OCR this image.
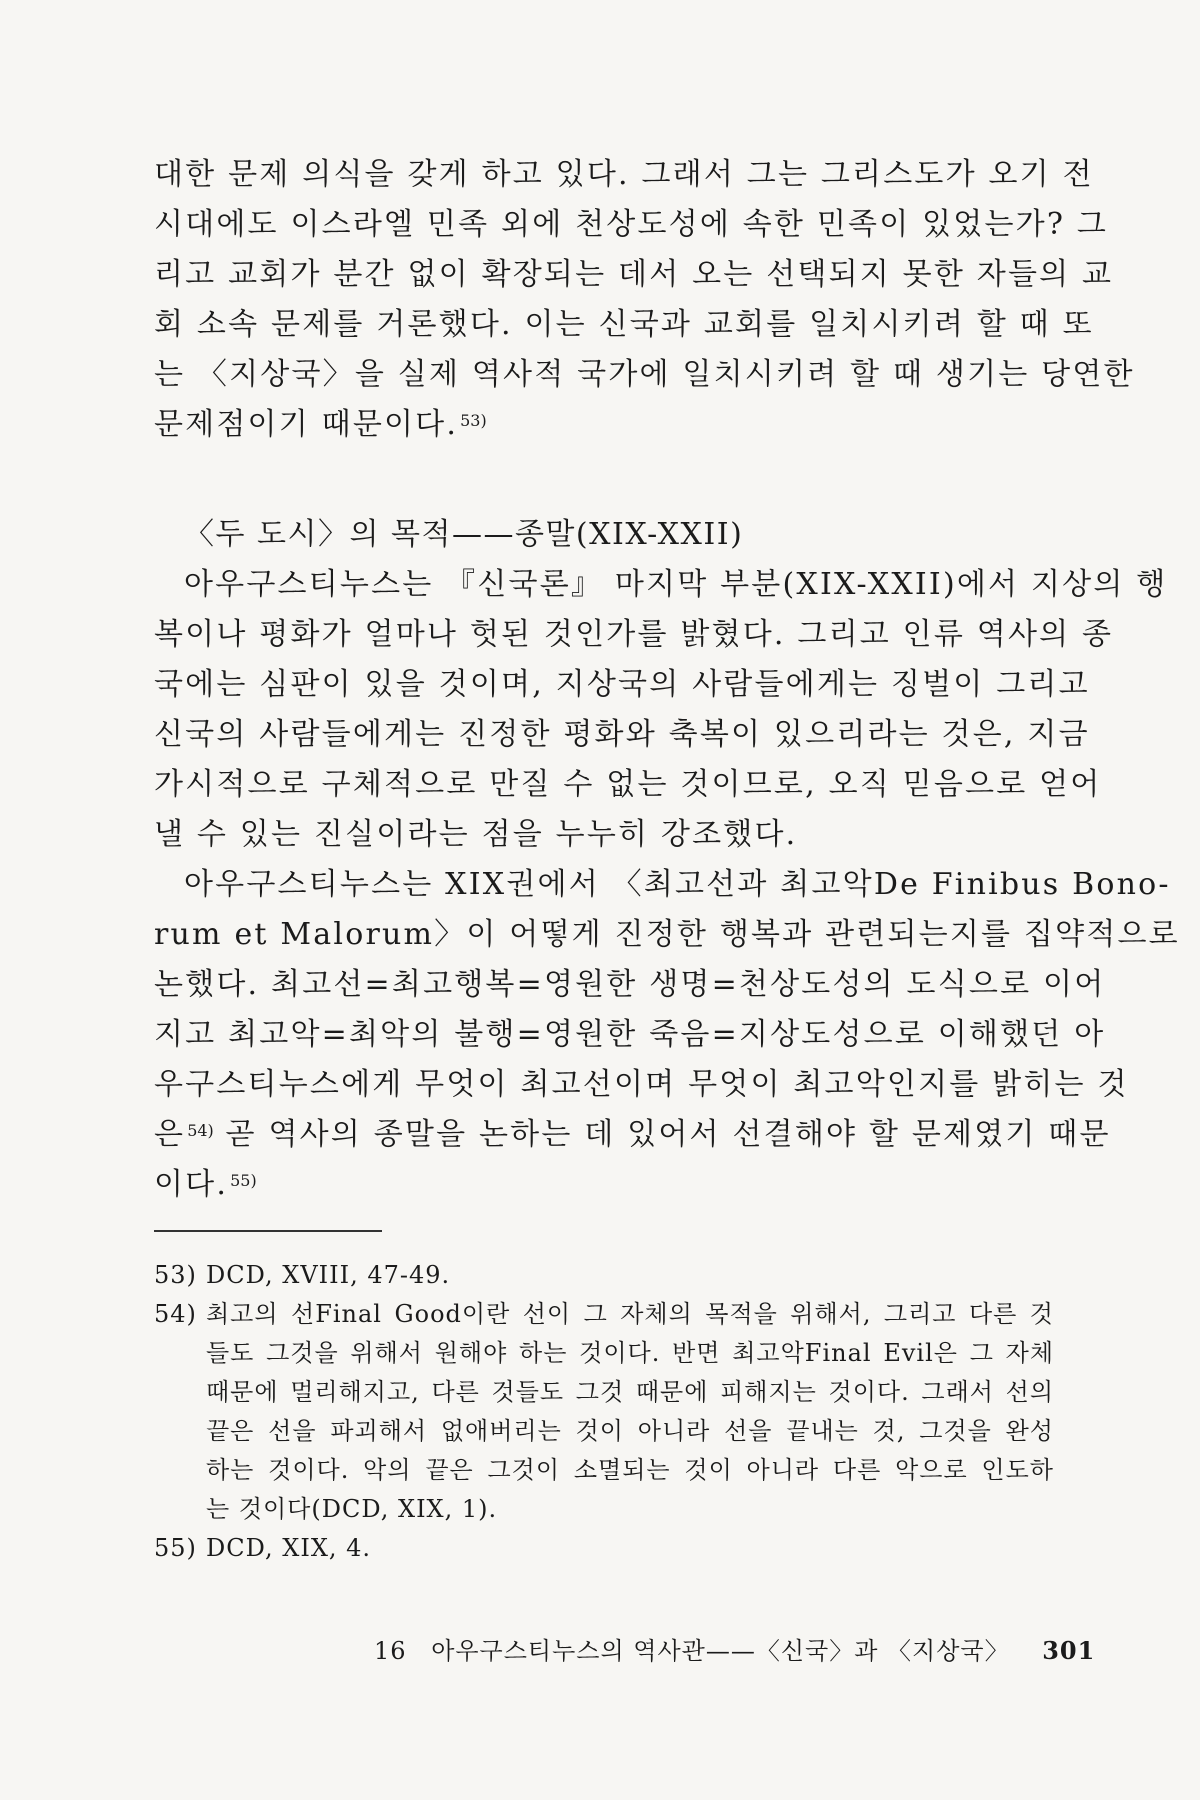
대한 문제 의식을 갖게 하고 있다. 그래서 그는 그리스도가 오기 전
시대에도 이스라엘 민족 외에 천상도성에 속한 민족이 있었는가? 그
리고 교회가 분간 없이 확장되는 데서 오는 선택되지 못한 자들의 교
회 소속 문제를 거론했다. 이는 신국과 교회를 일치시키려 할 때 또
는 〈지상국〉을 실제 역사적 국가에 일치시키려 할 때 생기는 당연한
문제점이기 때문이다. $^{53)}$
〈두 도시〉의 목적——종말(XIX-XXII)
아우구스티누스는 『신국론』 마지막 부분(XIX-XXII)에서 지상의 행
복이나 평화가 얼마나 헛된 것인가를 밝혔다. 그리고 인류 역사의 종
국에는 심판이 있을 것이며, 지상국의 사람들에게는 징벌이 그리고
신국의 사람들에게는 진정한 평화와 축복이 있으리라는 것은, 지금
가시적으로 구체적으로 만질 수 없는 것이므로, 오직 믿음으로 얻어
낼 수 있는 진실이라는 점을 누누히 강조했다.
아우구스티누스는 XIX권에서 〈최고선과 최고악De Finibus Bono-
rum et Malorum〉이 어떻게 진정한 행복과 관련되는지를 집약적으로
논했다. 최고선=최고행복=영원한 생명=천상도성의 도식으로 이어
지고 최고악=최악의 불행=영원한 죽음=지상도성으로 이해했던 아
우구스티누스에게 무엇이 최고선이며 무엇이 최고악인지를 밝히는 것
은 $^{54)}$ 곧 역사의 종말을 논하는 데 있어서 선결해야 할 문제였기 때문
이다. $^{55)}$
53) DCD, XVIII, 47-49.
54) 최고의 선Final Good이란 선이 그 자체의 목적을 위해서, 그리고 다른 것
들도 그것을 위해서 원해야 하는 것이다. 반면 최고악Final Evil은 그 자체
때문에 멀리해지고, 다른 것들도 그것 때문에 피해지는 것이다. 그래서 선의
끝은 선을 파괴해서 없애버리는 것이 아니라 선을 끝내는 것, 그것을 완성
하는 것이다. 악의 끝은 그것이 소멸되는 것이 아니라 다른 악으로 인도하
는 것이다(DCD, XIX, 1).
55) DCD, XIX, 4.
16 아우구스티누스의 역사관——〈신국〉과 〈지상국〉 301
